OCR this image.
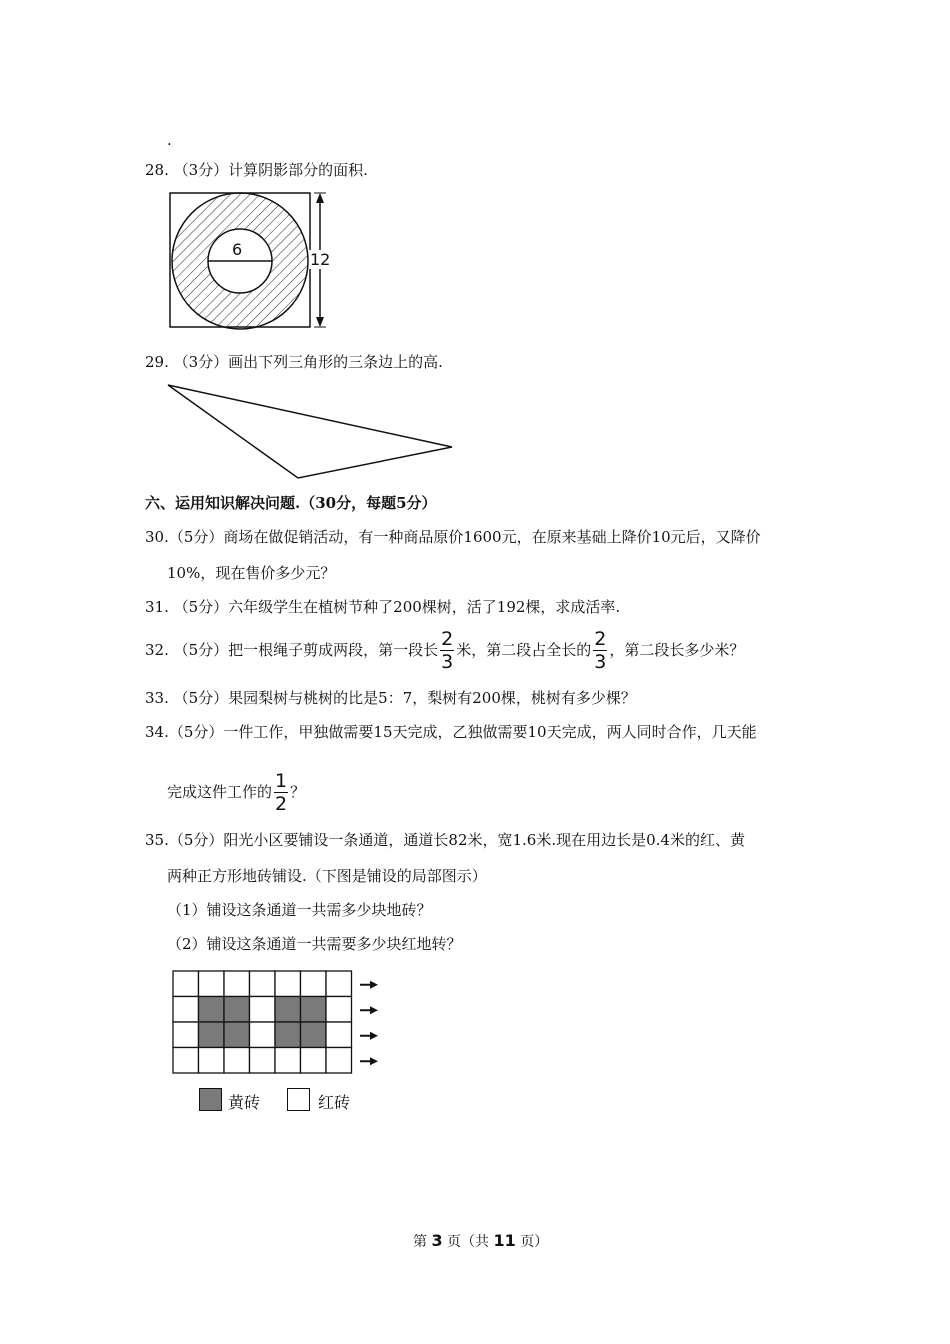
.
28. （3分）计算阴影部分的面积.
6
12
29. （3分）画出下列三角形的三条边上的高.
六、运用知识解决问题.（30分，每题5分）
30.（5分）商场在做促销活动，有一种商品原价1600元，在原来基础上降价10元后，又降价
10%，现在售价多少元？
31. （5分）六年级学生在植树节种了200棵树，活了192棵，求成活率.
32. （5分）把一根绳子剪成两段，第一段长 $\frac{2}{3}$ 米，第二段占全长的 $\frac{2}{3}$ ，第二段长多少米？
33. （5分）果园梨树与桃树的比是5：7，梨树有200棵，桃树有多少棵？
34.（5分）一件工作，甲独做需要15天完成，乙独做需要10天完成，两人同时合作，几天能
完成这件工作的 $\frac{1}{2}$ ？
35.（5分）阳光小区要铺设一条通道，通道长82米，宽1.6米.现在用边长是0.4米的红、黄
两种正方形地砖铺设.（下图是铺设的局部图示）
（1）铺设这条通道一共需多少块地砖？
（2）铺设这条通道一共需要多少块红地转？
黄砖	红砖
第 3 页（共 11 页）
